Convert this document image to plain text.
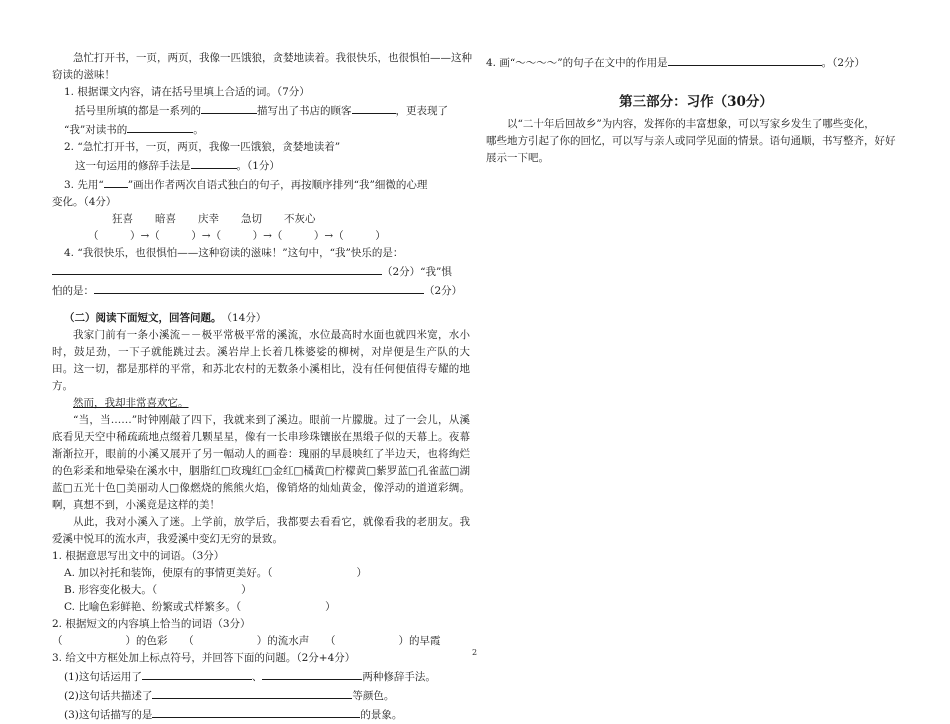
急忙打开书，一页，两页，我像一匹饿狼，贪婪地读着。我很快乐，也很惧怕——这种

窃读的滋味！

1. 根据课文内容，请在括号里填上合适的词。（7分）

括号里所填的都是一系列的	描写出了书店的顾客	，更表现了

“我”对读书的	。

2. “急忙打开书，一页，两页，我像一匹饿狼，贪婪地读着”

这一句运用的修辞手法是	。（1分）

3. 先用“ ”画出作者两次自语式独白的句子，再按顺序排列“我”细微的心理

变化。（4分）

狂喜 暗喜 庆幸 急切 不灰心

（　　　）→（　　　）→（　　　）→（　　　）→（　　　）

4. “我很快乐，也很惧怕——这种窃读的滋味！”这句中，“我”快乐的是：

（2分）“我”惧

怕的是：	（2分）

（二）阅读下面短文，回答问题。　 （14分）

我家门前有一条小溪流－－极平常极平常的溪流，水位最高时水面也就四米宽，水小时，鼓足劲，一下子就能跳过去。溪岩岸上长着几株婆娑的柳树，对岸便是生产队的大田。这一切，都是那样的平常，和苏北农村的无数条小溪相比，没有任何便值得专耀的地方。

然而，我却非常喜欢它。

“当，当……”时钟刚敲了四下，我就来到了溪边。眼前一片朦胧。过了一会儿，从溪底看见天空中稀疏疏地点缀着几颗星星，像有一长串珍珠镶嵌在黑缎子似的天幕上。夜幕渐渐拉开，眼前的小溪又展开了另一幅动人的画卷：瑰丽的早晨映红了半边天，也将绚烂的色彩柔和地晕染在溪水中，胭脂红□玫瑰红□金红□橘黄□柠檬黄□紫罗蓝□孔雀蓝□湖蓝□五光十色□美丽动人□像燃烧的熊熊火焰，像销烙的灿灿黄金，像浮动的道道彩绸。啊，真想不到，小溪竟是这样的美！

从此，我对小溪入了迷。上学前，放学后，我都要去看看它，就像看我的老朋友。我爱溪中悦耳的流水声，我爱溪中变幻无穷的景致。

1. 根据意思写出文中的词语。（3分）

A. 加以衬托和装饰，使原有的事情更美好。（　　　　　　　　）

B. 形容变化极大。（　　　　　　　　）

C. 比喻色彩鲜艳、纷繁或式样繁多。（　　　　　　　　）

2. 根据短文的内容填上恰当的词语（3分）

（　　　　　　）的色彩　　（　　　　　　）的流水声　　（　　　　　　）的早霞

3. 给文中方框处加上标点符号，并回答下面的问题。（2分+4分）

(1)这句话运用了	、	两种修辞手法。

(2)这句话共描述了	等颜色。

(3)这句话描写的是	的景象。

4. 画“～～～～”的句子在文中的作用是	。（2分）

第三部分：习作（30分）

以“二十年后回故乡”为内容，发挥你的丰富想象，可以写家乡发生了哪些变化，

哪些地方引起了你的回忆，可以写与亲人或同学见面的情景。语句通顺，书写整齐，好好

展示一下吧。

2
